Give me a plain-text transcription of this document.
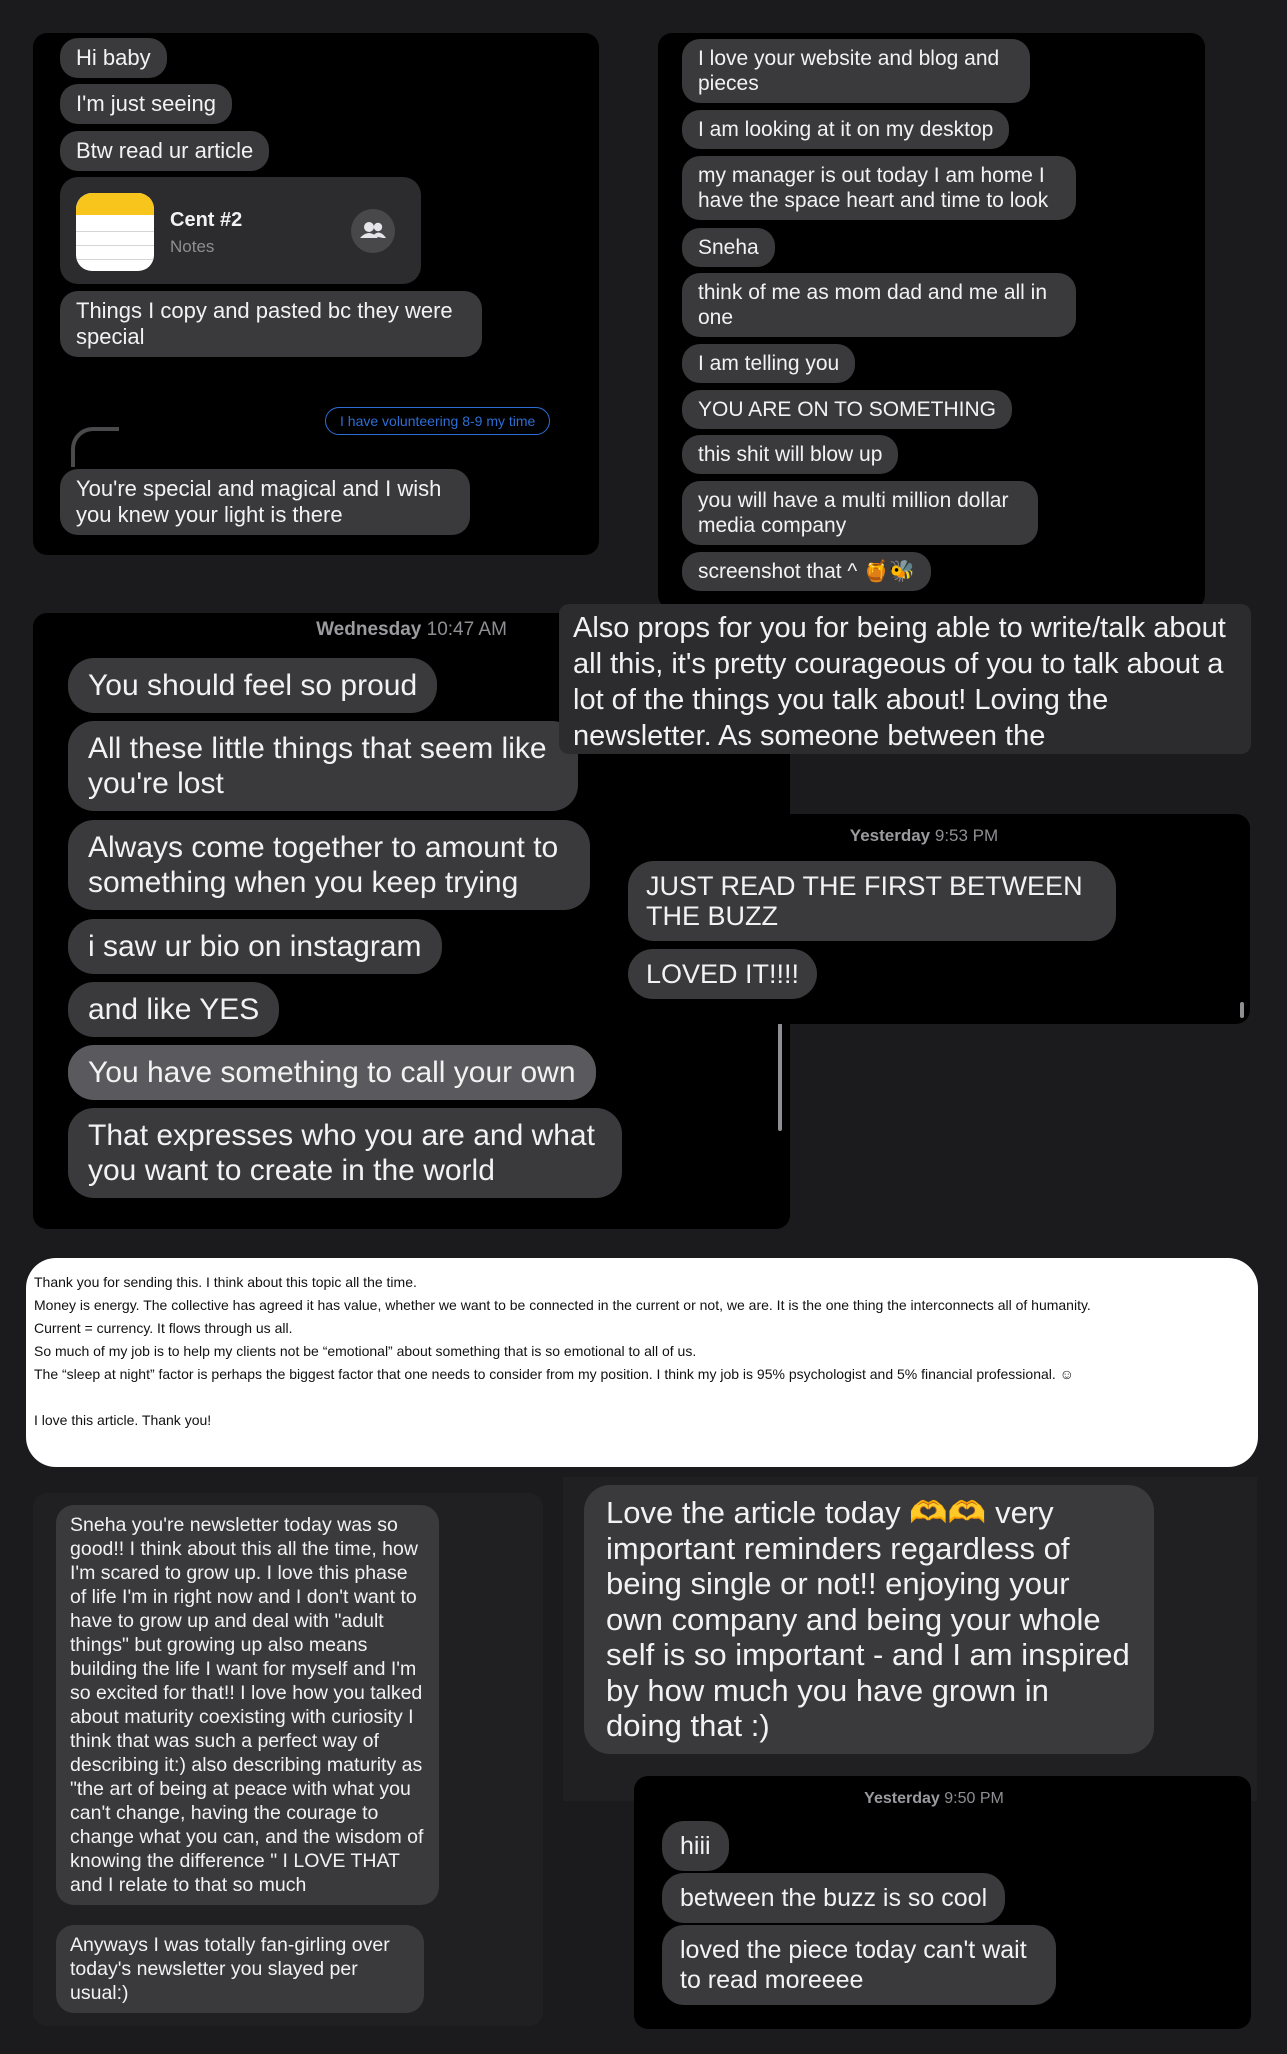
Hi baby
I'm just seeing
Btw read ur article
Cent #2
Notes
Things I copy and pasted bc they were special
I have volunteering 8-9 my time
You're special and magical and I wish you knew your light is there
I love your website and blog and pieces
I am looking at it on my desktop
my manager is out today I am home I have the space heart and time to look
Sneha
think of me as mom dad and me all in one
I am telling you
YOU ARE ON TO SOMETHING
this shit will blow up
you will have a multi million dollar media company
screenshot that ^ 🍯🐝
Wednesday 10:47 AM
You should feel so proud
All these little things that seem like you're lost
Always come together to amount to something when you keep trying
i saw ur bio on instagram
and like YES
You have something to call your own
That expresses who you are and what you want to create in the world

Also props for you for being able to write/talk about all this, it's pretty courageous of you to talk about a lot of the things you talk about! Loving the newsletter. As someone between the

Yesterday 9:53 PM
JUST READ THE FIRST BETWEEN THE BUZZ
LOVED IT!!!!
Thank you for sending this. I think about this topic all the time.
Money is energy. The collective has agreed it has value, whether we want to be connected in the current or not, we are. It is the one thing the interconnects all of humanity.
Current = currency. It flows through us all.
So much of my job is to help my clients not be “emotional” about something that is so emotional to all of us.
The “sleep at night” factor is perhaps the biggest factor that one needs to consider from my position. I think my job is 95% psychologist and 5% financial professional. ☺
I love this article. Thank you!
Sneha you're newsletter today was so good!! I think about this all the time, how I'm scared to grow up. I love this phase of life I'm in right now and I don't want to have to grow up and deal with "adult things" but growing up also means building the life I want for myself and I'm so excited for that!! I love how you talked about maturity coexisting with curiosity I think that was such a perfect way of describing it:) also describing maturity as "the art of being at peace with what you can't change, having the courage to change what you can, and the wisdom of knowing the difference " I LOVE THAT and I relate to that so much
Anyways I was totally fan-girling over today's newsletter you slayed per usual:)
Love the article today 🫶🫶 very important reminders regardless of being single or not!! enjoying your own company and being your whole self is so important - and I am inspired by how much you have grown in doing that :)
Yesterday 9:50 PM
hiii
between the buzz is so cool
loved the piece today can't wait to read moreeee
